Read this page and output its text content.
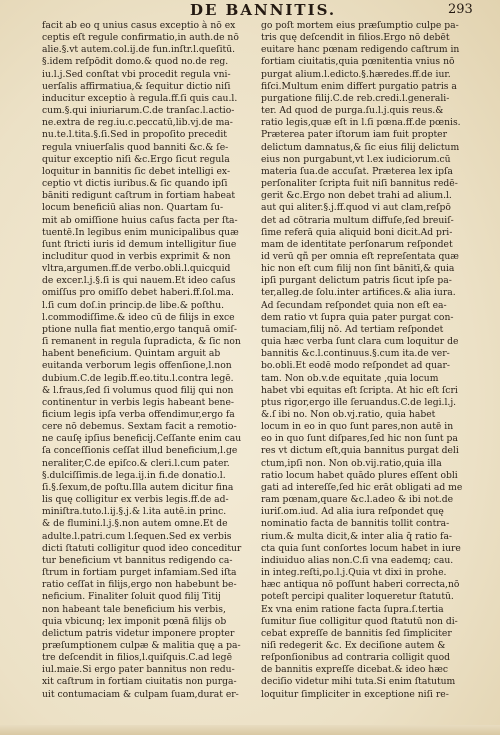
DE BANNITIS.	293
facit ab eo q unius casus exceptio à nō ex
ceptis eſt regule confirmatio,in auth.de nō
alie.§.vt autem.col.ij.de fun.inſtr.l.queſitū.
§.idem reſpōdit domo.& quod no.de reg.
iu.l.j.Sed conſtat vbi procedit regula vni-
uerſalis affirmatiua,& ſequitur dictio niſi
inducitur exceptio à regula.ff.ſi quis cau.l.
cum.§.qui iniuriarum.C.de tranſac.l.actio-
ne.extra de reg.iu.c.peccatū,lib.vj.de ma-
nu.te.l.tita.§.ſi.Sed in propoſito precedit
regula vniuerſalis quod banniti &c.& ſe-
quitur exceptio niſi &c.Ergo ſicut regula
loquitur in bannitis ſic debet intelligi ex-
ceptio vt dictis iuribus.& ſic quando ipſi
bāniti redigunt caſtrum in fortiam habeat
locum beneficiū alias non. Quartam ſu-
mit ab omiſſione huius caſus facta per ſta-
tuentē.In legibus enim municipalibus quæ
ſunt ſtricti iuris id demum intelligitur ſiue
includitur quod in verbis exprimit & non
vltra,argumen.ff.de verbo.obli.l.quicquid
de excer.l.j.§.ſi is qui nauem.Et ideo caſus
omiſſus pro omiſſo debet haberi.ff.ſol.ma.
l.ſi cum doſ.in princip.de libe.& poſthu.
l.commodiſſime.& ideo cū de filijs in exce
ptione nulla fiat mentio,ergo tanquā omiſ-
ſi remanent in regula ſupradicta, & ſic non
habent beneficium. Quintam arguit ab
euitanda verborum legis offenſione,l.non
dubium.C.de legib.ff.eo.titu.l.contra legē.
& l.fraus,ſed ſi volumus quod filij qui non
continentur in verbis legis habeant bene-
ficium legis ipſa verba offendimur,ergo fa
cere nō debemus. Sextam facit a remotio-
ne cauſę ipſius beneficij.Ceſſante enim cau
ſa conceſſionis ceſſat illud beneficium,l.ge
neraliter,C.de epiſco.& cleri.l.cum pater.
§.dulciſſimis.de lega.ij.in fi.de donatio.l.
ſi.§.ſexum,de poſtu.Illa autem dicitur fina
lis quę colligitur ex verbis legis.ff.de ad-
miniſtra.tuto.l.ij.§.j.& l.ita autē.in princ.
& de flumini.l.j.§.non autem omne.Et de
adulte.l.patri.cum l.ſequen.Sed ex verbis
dicti ſtatuti colligitur quod ideo conceditur
tur beneficium vt bannitus redigendo ca-
ſtrum in fortiam purget infamiam.Sed iſta
ratio ceſſat in filijs,ergo non habebunt be-
neficium. Finaliter ſoluit quod filij Titij
non habeant tale beneficium his verbis,
quia vbicunq; lex imponit pœnā filijs ob
delictum patris videtur imponere propter
præſumptionem culpæ & malitia quę a pa-
tre deſcendit in filios,l.quiſquis.C.ad legē
iul.maie.Si ergo pater bannitus non redu-
xit caſtrum in fortiam ciuitatis non purga-
uit contumaciam & culpam ſuam,durat er-
go poſt mortem eius præſumptio culpe pa-
tris quę deſcendit in filios.Ergo nō debēt
euitare hanc pœnam redigendo caſtrum in
fortiam ciuitatis,quia pœnitentia vnius nō
purgat alium.l.edicto.§.hæredes.ff.de iur.
fiſci.Multum enim differt purgatio patris a
purgatione filij.C.de reb.credi.l.generali-
ter. Ad quod de purga.ſu.l.j.quis reus.&
ratio legis,quæ eſt in l.ſi pœna.ff.de pœnis.
Præterea pater iſtorum iam fuit propter
delictum damnatus,& ſic eius filij delictum
eius non purgabunt,vt l.ex iudiciorum.cū
materia ſua.de accuſat. Præterea lex ipſa
perſonaliter ſcripta fuit niſi bannitus redē-
gerit &c.Ergo non debet trahi ad alium.l.
aut qui aliter.§.j.ff.quod vi aut clam,reſpō
det ad cōtraria multum diffuſe,ſed breuiſ-
ſime referā quia aliquid boni dicit.Ad pri-
mam de identitate perſonarum reſpondet
id verū qñ per omnia eſt repreſentata quæ
hic non eſt cum filij non ſint bānitī,& quia
ipſi purgant delictum patris ſicut ipſe pa-
ter,alleg.de ſolu.inter artifices.& alia iura.
Ad ſecundam reſpondet quia non eſt ea-
dem ratio vt ſupra quia pater purgat con-
tumaciam,filij nō. Ad tertiam reſpondet
quia hæc verba ſunt clara cum loquitur de
bannitis &c.l.continuus.§.cum ita.de ver-
bo.obli.Et eodē modo reſpondet ad quar-
tam. Non ob.v.de equitate ,quia locum
habet vbi equitas eſt ſcripta. At hic eſt ſcri
ptus rigor,ergo ille ſeruandus.C.de legi.l.j.
&.ſ ibi no. Non ob.vj.ratio, quia habet
locum in eo in quo ſunt pares,non autē in
eo in quo ſunt diſpares,ſed hic non ſunt pa
res vt dictum eſt,quia bannitus purgat deli
ctum,ipſi non. Non ob.vij.ratio,quia illa
ratio locum habet quādo plures eſſent obli
gati ad intereſſe,ſed hic erāt obligati ad me
ram pœnam,quare &c.l.adeo & ibi not.de
iuriſ.om.iud. Ad alia iura reſpondet quę
nominatio facta de bannitis tollit contra-
rium.& multa dicit,& inter alia q̄ ratio fa-
cta quia ſunt conſortes locum habet in iure
indiuiduo alias non.C.ſi vna eademq; cau.
in integ.reſti,po.l.j.Quia vt dixi in prohe.
hæc antiqua nō poſſunt haberi correcta,nō
poteſt percipi qualiter loqueretur ſtatutū.
Ex vna enim ratione facta ſupra.ſ.tertia
ſumitur ſiue colligitur quod ſtatutū non di-
cebat expreſſe de bannitis ſed ſimpliciter
niſi redegerit &c. Ex deciſione autem &
reſponſionibus ad contraria colligit quod
de bannitis expreſſe dicebat.& ideo hæc
deciſio videtur mihi tuta.Si enim ſtatutum
loquitur ſimpliciter in exceptione niſi re-
